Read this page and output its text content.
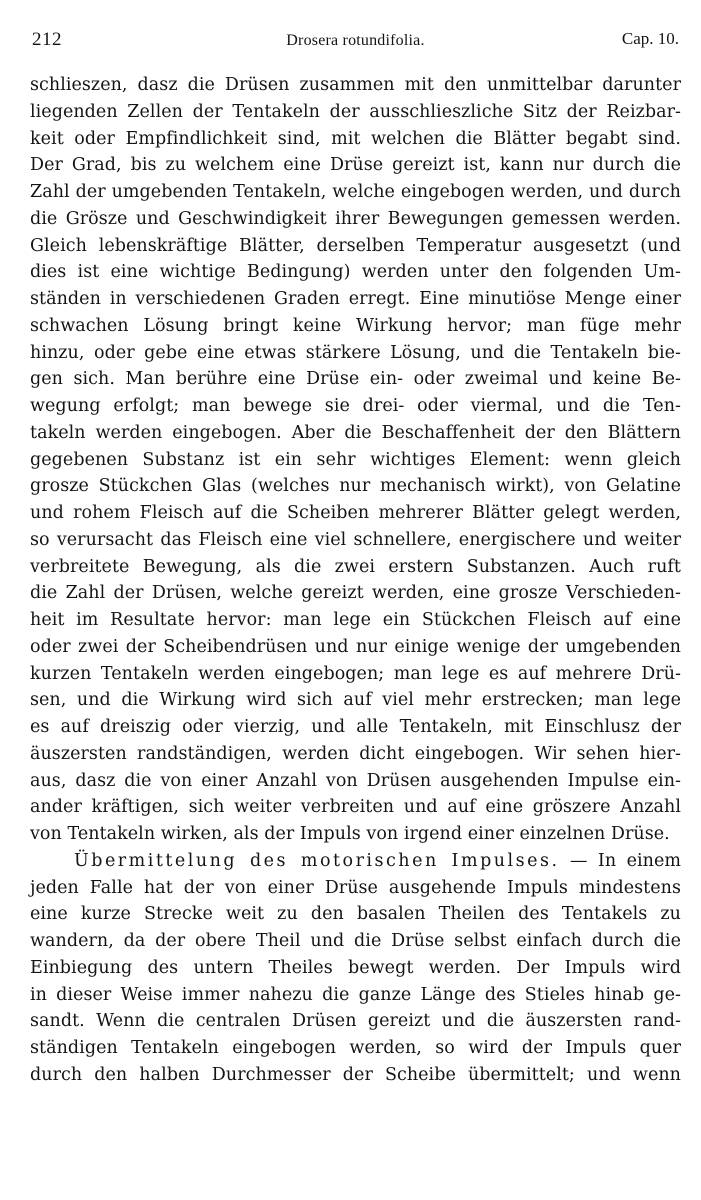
212	Drosera rotundifolia.	Cap. 10.
schlieszen, dasz die Drüsen zusammen mit den unmittelbar darunter
liegenden Zellen der Tentakeln der ausschlieszliche Sitz der Reizbar-
keit oder Empfindlichkeit sind, mit welchen die Blätter begabt sind.
Der Grad, bis zu welchem eine Drüse gereizt ist, kann nur durch die
Zahl der umgebenden Tentakeln, welche eingebogen werden, und durch
die Grösze und Geschwindigkeit ihrer Bewegungen gemessen werden.
Gleich lebenskräftige Blätter, derselben Temperatur ausgesetzt (und
dies ist eine wichtige Bedingung) werden unter den folgenden Um-
ständen in verschiedenen Graden erregt. Eine minutiöse Menge einer
schwachen Lösung bringt keine Wirkung hervor; man füge mehr
hinzu, oder gebe eine etwas stärkere Lösung, und die Tentakeln bie-
gen sich. Man berühre eine Drüse ein- oder zweimal und keine Be-
wegung erfolgt; man bewege sie drei- oder viermal, und die Ten-
takeln werden eingebogen. Aber die Beschaffenheit der den Blättern
gegebenen Substanz ist ein sehr wichtiges Element: wenn gleich
grosze Stückchen Glas (welches nur mechanisch wirkt), von Gelatine
und rohem Fleisch auf die Scheiben mehrerer Blätter gelegt werden,
so verursacht das Fleisch eine viel schnellere, energischere und weiter
verbreitete Bewegung, als die zwei erstern Substanzen. Auch ruft
die Zahl der Drüsen, welche gereizt werden, eine grosze Verschieden-
heit im Resultate hervor: man lege ein Stückchen Fleisch auf eine
oder zwei der Scheibendrüsen und nur einige wenige der umgebenden
kurzen Tentakeln werden eingebogen; man lege es auf mehrere Drü-
sen, und die Wirkung wird sich auf viel mehr erstrecken; man lege
es auf dreiszig oder vierzig, und alle Tentakeln, mit Einschlusz der
äuszersten randständigen, werden dicht eingebogen. Wir sehen hier-
aus, dasz die von einer Anzahl von Drüsen ausgehenden Impulse ein-
ander kräftigen, sich weiter verbreiten und auf eine grӧszere Anzahl
von Tentakeln wirken, als der Impuls von irgend einer einzelnen Drüse.
Übermittelung des motorischen Impulses. — In einem
jeden Falle hat der von einer Drüse ausgehende Impuls mindestens
eine kurze Strecke weit zu den basalen Theilen des Tentakels zu
wandern, da der obere Theil und die Drüse selbst einfach durch die
Einbiegung des untern Theiles bewegt werden. Der Impuls wird
in dieser Weise immer nahezu die ganze Länge des Stieles hinab ge-
sandt. Wenn die centralen Drüsen gereizt und die äuszersten rand-
ständigen Tentakeln eingebogen werden, so wird der Impuls quer
durch den halben Durchmesser der Scheibe übermittelt; und wenn
